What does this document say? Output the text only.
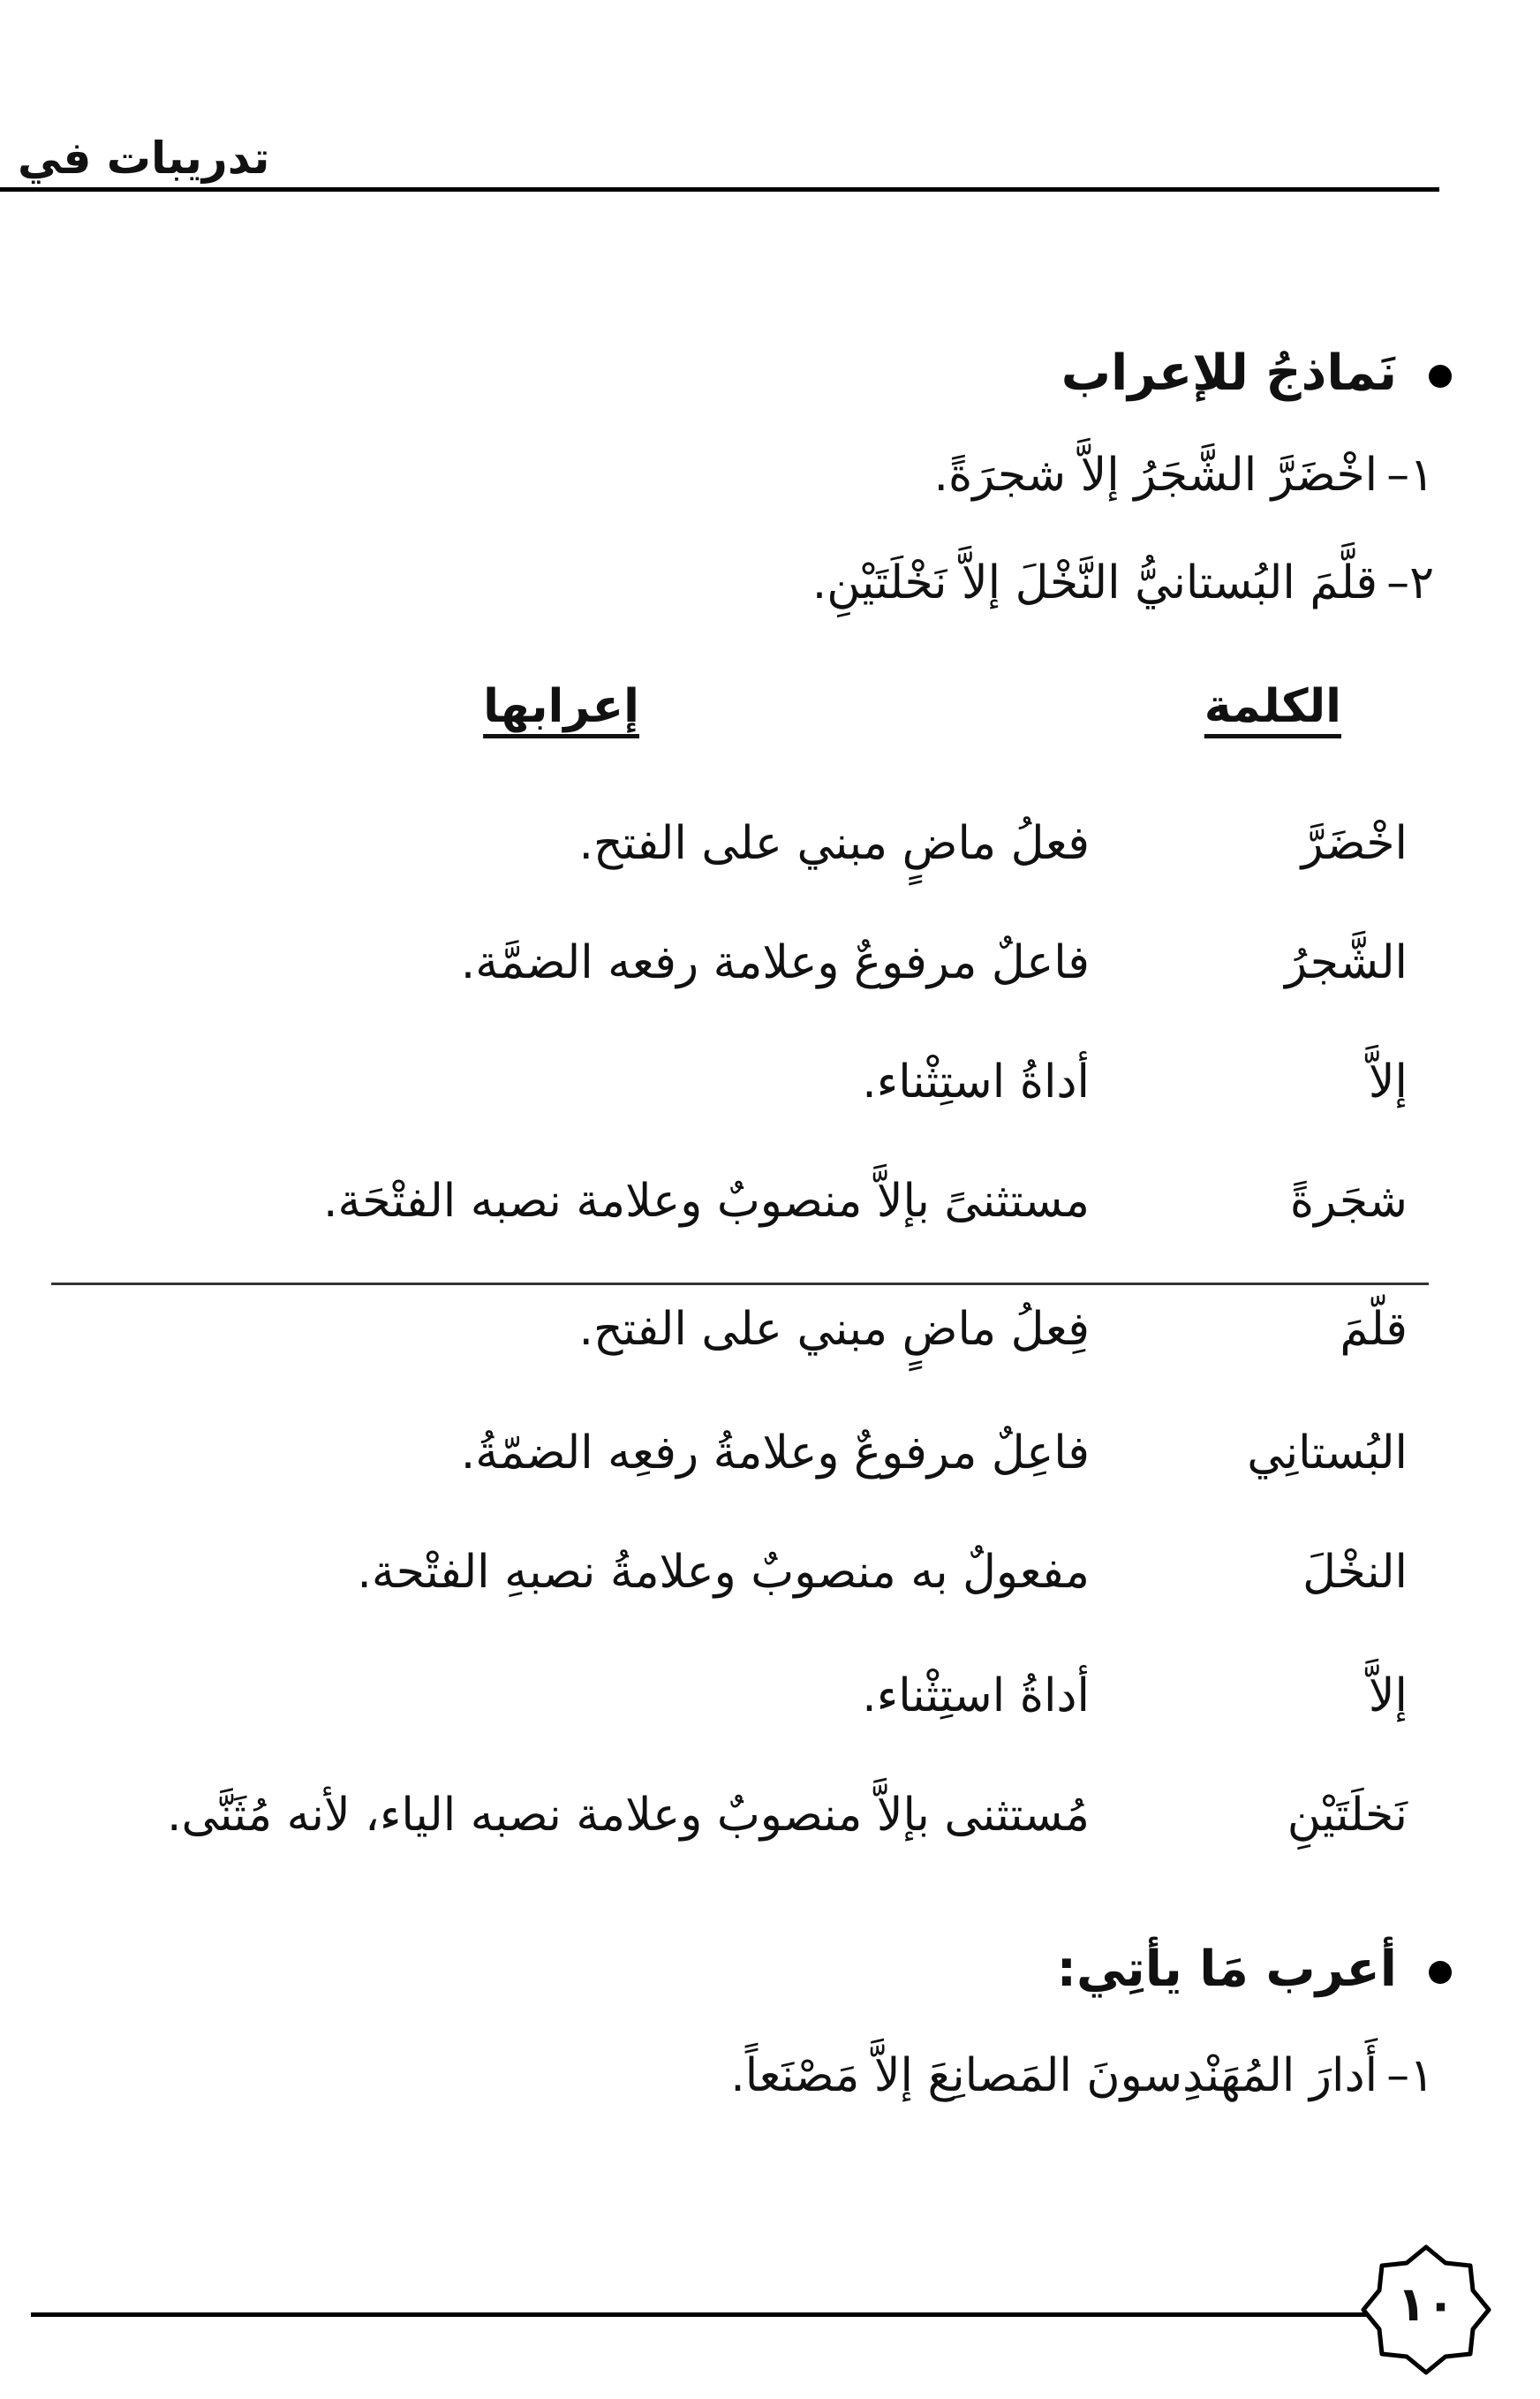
تدريبات في
نَماذجُ للإعراب
١–اخْضَرَّ الشَّجَرُ إلاَّ شجرَةً.
٢–قلَّمَ البُستانيُّ النَّخْلَ إلاَّ نَخْلَتَيْنِ.
الكلمة
إعرابها
اخْضَرَّ
فعلُ ماضٍ مبني على الفتح.
الشَّجرُ
فاعلٌ مرفوعٌ وعلامة رفعه الضمَّة.
إلاَّ
أداةُ استِثْناء.
شجَرةً
مستثنىً بإلاَّ منصوبٌ وعلامة نصبه الفتْحَة.
قلّمَ
فِعلُ ماضٍ مبني على الفتح.
البُستانِي
فاعِلٌ مرفوعٌ وعلامةُ رفعِه الضمّةُ.
النخْلَ
مفعولٌ به منصوبٌ وعلامةُ نصبهِ الفتْحة.
إلاَّ
أداةُ استِثْناء.
نَخلَتَيْنِ
مُستثنى بإلاَّ منصوبٌ وعلامة نصبه الياء، لأنه مُثَنَّى.
أعرب مَا يأتِي:
١–أَدارَ المُهَنْدِسونَ المَصانِعَ إلاَّ مَصْنَعاً.
١٠
